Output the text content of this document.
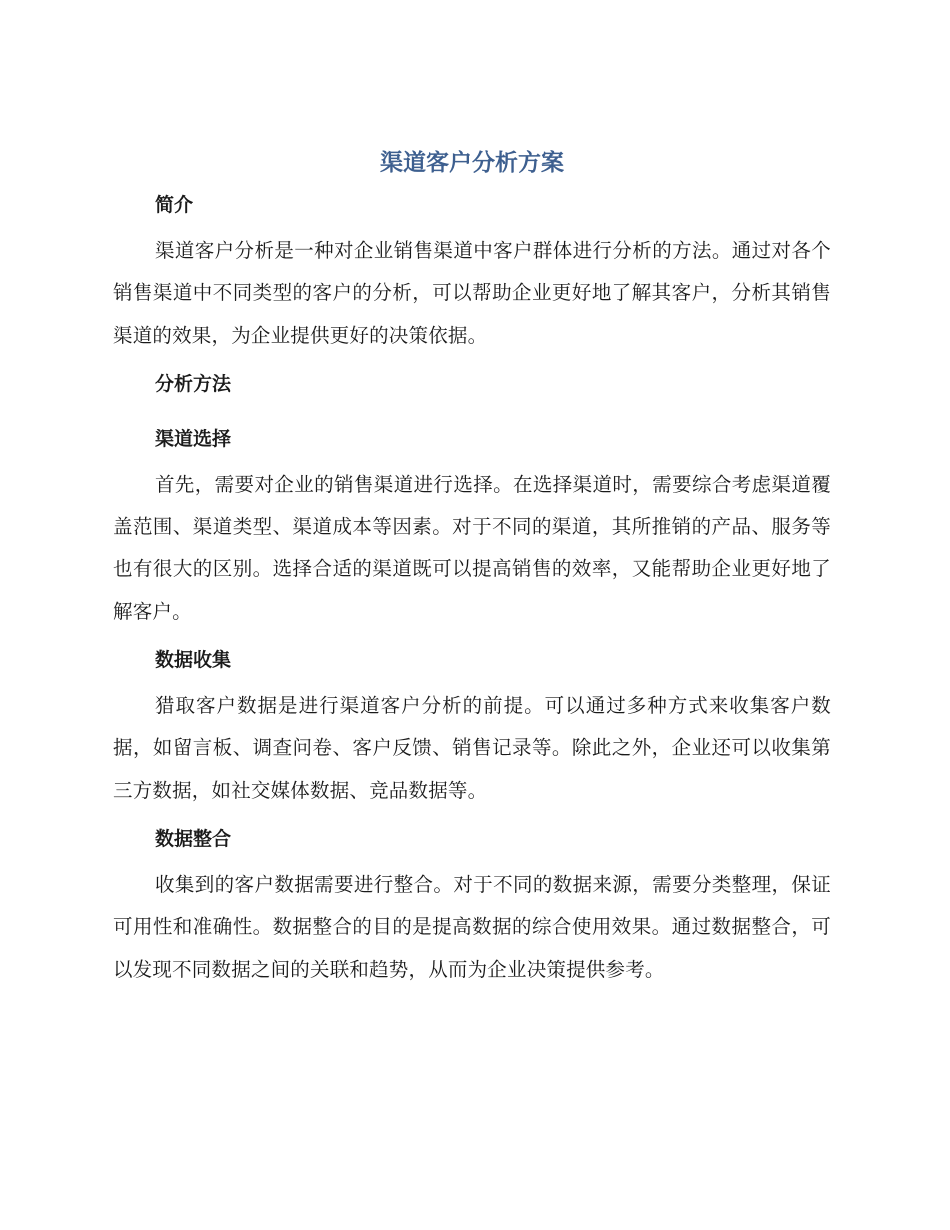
渠道客户分析方案
简介

渠道客户分析是一种对企业销售渠道中客户群体进行分析的方法。通过对各个销售渠道中不同类型的客户的分析，可以帮助企业更好地了解其客户，分析其销售渠道的效果，为企业提供更好的决策依据。

分析方法
渠道选择

首先，需要对企业的销售渠道进行选择。在选择渠道时，需要综合考虑渠道覆盖范围、渠道类型、渠道成本等因素。对于不同的渠道，其所推销的产品、服务等也有很大的区别。选择合适的渠道既可以提高销售的效率，又能帮助企业更好地了解客户。

数据收集

猎取客户数据是进行渠道客户分析的前提。可以通过多种方式来收集客户数据，如留言板、调查问卷、客户反馈、销售记录等。除此之外，企业还可以收集第三方数据，如社交媒体数据、竞品数据等。

数据整合

收集到的客户数据需要进行整合。对于不同的数据来源，需要分类整理，保证可用性和准确性。数据整合的目的是提高数据的综合使用效果。通过数据整合，可以发现不同数据之间的关联和趋势，从而为企业决策提供参考。
